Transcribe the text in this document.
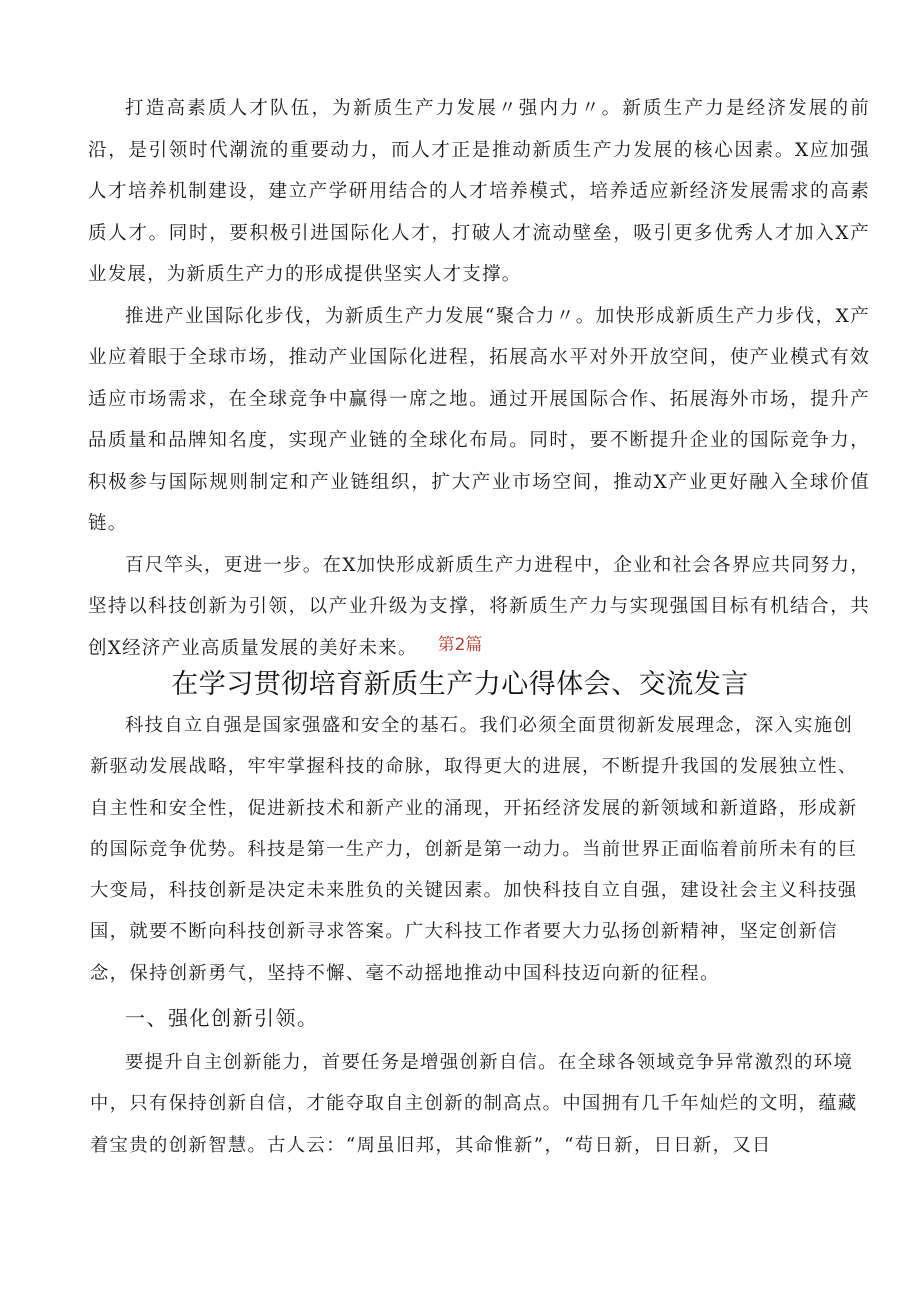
打造高素质人才队伍，为新质生产力发展〃强内力〃。新质生产力是经济发展的前沿，是引领时代潮流的重要动力，而人才正是推动新质生产力发展的核心因素。X应加强人才培养机制建设，建立产学研用结合的人才培养模式，培养适应新经济发展需求的高素质人才。同时，要积极引进国际化人才，打破人才流动壁垒，吸引更多优秀人才加入X产业发展，为新质生产力的形成提供坚实人才支撑。

推进产业国际化步伐，为新质生产力发展“聚合力〃。加快形成新质生产力步伐，X产业应着眼于全球市场，推动产业国际化进程，拓展高水平对外开放空间，使产业模式有效适应市场需求，在全球竞争中赢得一席之地。通过开展国际合作、拓展海外市场，提升产品质量和品牌知名度，实现产业链的全球化布局。同时，要不断提升企业的国际竞争力，积极参与国际规则制定和产业链组织，扩大产业市场空间，推动X产业更好融入全球价值链。

百尺竿头，更进一步。在X加快形成新质生产力进程中，企业和社会各界应共同努力，坚持以科技创新为引领，以产业升级为支撑，将新质生产力与实现强国目标有机结合，共创X经济产业高质量发展的美好未来。	第2篇
在学习贯彻培育新质生产力心得体会、交流发言

科技自立自强是国家强盛和安全的基石。我们必须全面贯彻新发展理念，深入实施创新驱动发展战略，牢牢掌握科技的命脉，取得更大的进展，不断提升我国的发展独立性、自主性和安全性，促进新技术和新产业的涌现，开拓经济发展的新领域和新道路，形成新的国际竞争优势。科技是第一生产力，创新是第一动力。当前世界正面临着前所未有的巨大变局，科技创新是决定未来胜负的关键因素。加快科技自立自强，建设社会主义科技强国，就要不断向科技创新寻求答案。广大科技工作者要大力弘扬创新精神，坚定创新信念，保持创新勇气，坚持不懈、毫不动摇地推动中国科技迈向新的征程。

一、强化创新引领。

要提升自主创新能力，首要任务是增强创新自信。在全球各领域竞争异常激烈的环境中，只有保持创新自信，才能夺取自主创新的制高点。中国拥有几千年灿烂的文明，蕴藏着宝贵的创新智慧。古人云：“周虽旧邦，其命惟新”，“苟日新，日日新，又日
